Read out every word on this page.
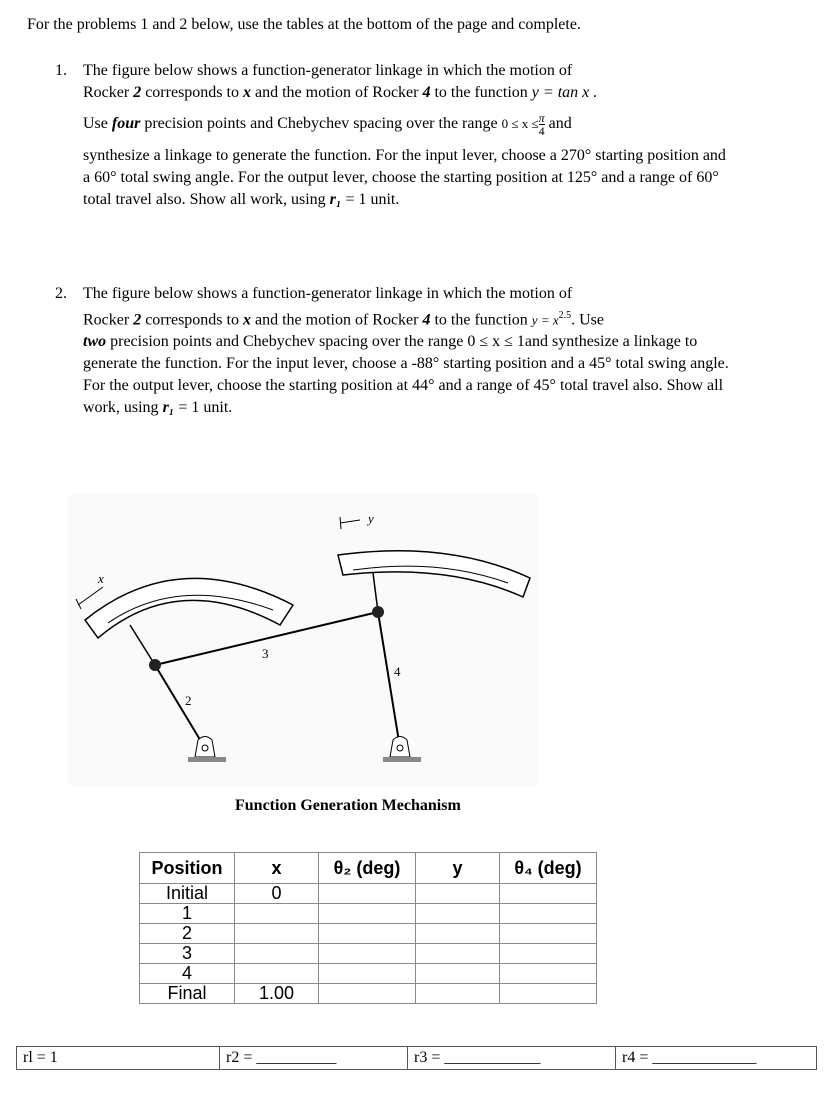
For the problems 1 and 2 below, use the tables at the bottom of the page and complete.
1. The figure below shows a function-generator linkage in which the motion of

Rocker 2 corresponds to x and the motion of Rocker 4 to the function y = tan x .

Use four precision points and Chebychev spacing over the range $0 \le x \le \frac{\pi}{4}$ and

synthesize a linkage to generate the function. For the input lever, choose a 270° starting position and a 60° total swing angle. For the output lever, choose the starting position at 125° and a range of 60° total travel also. Show all work, using r₁ = 1 unit.

2. The figure below shows a function-generator linkage in which the motion of

Rocker 2 corresponds to x and the motion of Rocker 4 to the function $y = x^{2.5}$. Use

two precision points and Chebychev spacing over the range 0 ≤ x ≤ 1and synthesize a linkage to generate the function. For the input lever, choose a -88° starting position and a 45° total swing angle. For the output lever, choose the starting position at 44° and a range of 45° total travel also. Show all work, using r₁ = 1 unit.

x
y
2
3
4
Function Generation Mechanism
Position	x	θ₂ (deg)	y	θ₄ (deg)
Initial	0			
1				
2				
3				
4				
Final	1.00			
rl = 1	r2 = __________	r3 = ____________	r4 = _____________
